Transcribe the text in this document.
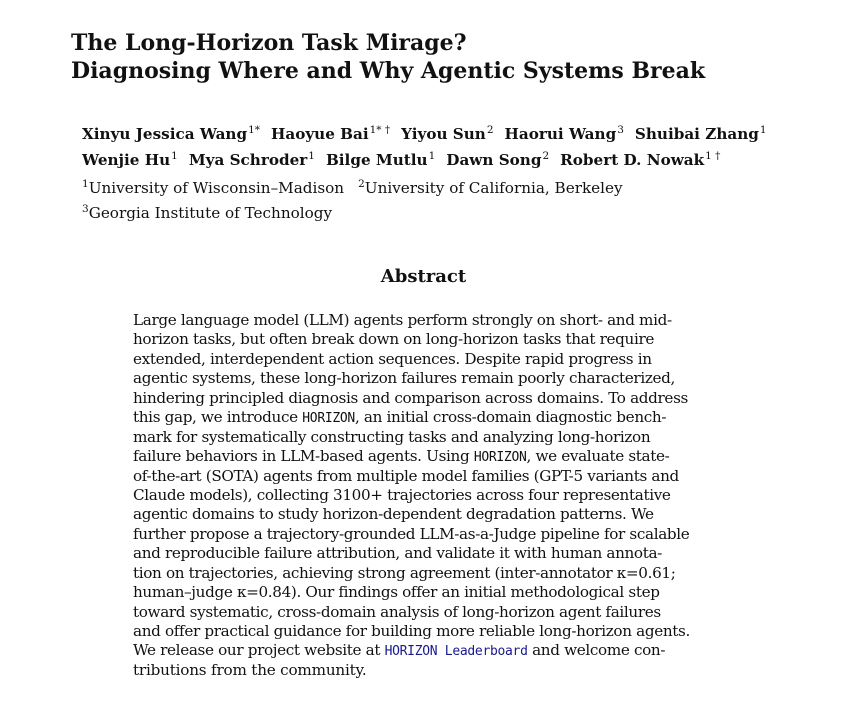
The Long-Horizon Task Mirage?
Diagnosing Where and Why Agentic Systems Break
Xinyu Jessica Wang$^{1*}$ Haoyue Bai$^{1* \dagger}$ Yiyou Sun$^2$ Haorui Wang$^3$ Shuibai Zhang$^1$
Wenjie Hu$^1$ Mya Schroder$^1$ Bilge Mutlu$^1$ Dawn Song$^2$ Robert D. Nowak$^{1 \dagger}$
$^1$University of Wisconsin–Madison $^2$University of California, Berkeley
$^3$Georgia Institute of Technology
Abstract
Large language model (LLM) agents perform strongly on short- and mid-
horizon tasks, but often break down on long-horizon tasks that require
extended, interdependent action sequences. Despite rapid progress in
agentic systems, these long-horizon failures remain poorly characterized,
hindering principled diagnosis and comparison across domains. To address
this gap, we introduce HORIZON, an initial cross-domain diagnostic bench-
mark for systematically constructing tasks and analyzing long-horizon
failure behaviors in LLM-based agents. Using HORIZON, we evaluate state-
of-the-art (SOTA) agents from multiple model families (GPT-5 variants and
Claude models), collecting 3100+ trajectories across four representative
agentic domains to study horizon-dependent degradation patterns. We
further propose a trajectory-grounded LLM-as-a-Judge pipeline for scalable
and reproducible failure attribution, and validate it with human annota-
tion on trajectories, achieving strong agreement (inter-annotator κ=0.61;
human–judge κ=0.84). Our findings offer an initial methodological step
toward systematic, cross-domain analysis of long-horizon agent failures
and offer practical guidance for building more reliable long-horizon agents.
We release our project website at HORIZON Leaderboard and welcome con-
tributions from the community.
